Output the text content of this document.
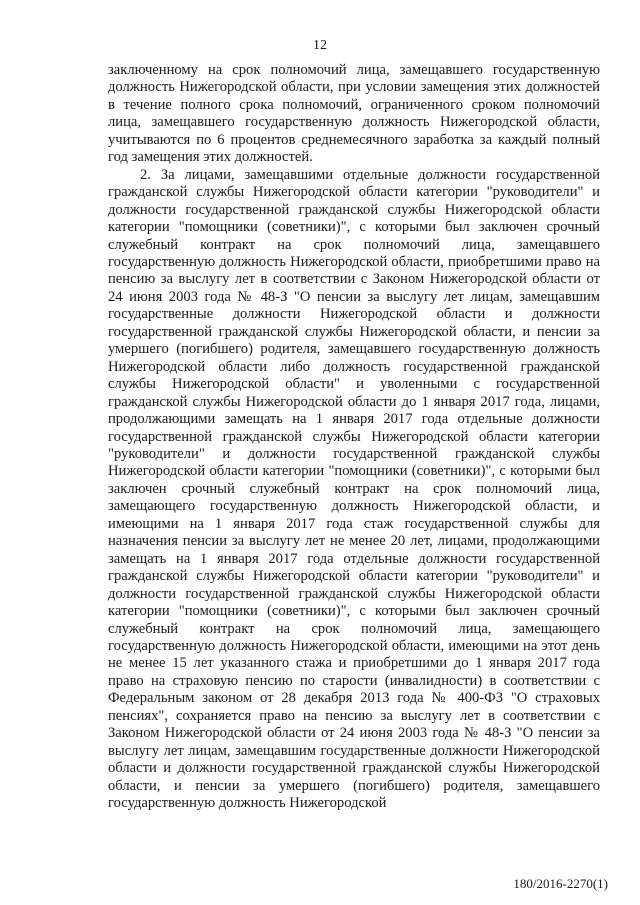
12

заключенному на срок полномочий лица, замещавшего государственную должность Нижегородской области, при условии замещения этих должностей в течение полного срока полномочий, ограниченного сроком полномочий лица, замещавшего государственную должность Нижегородской области, учитываются по 6 процентов среднемесячного заработка за каждый полный год замещения этих должностей.

2. За лицами, замещавшими отдельные должности государственной гражданской службы Нижегородской области категории "руководители" и должности государственной гражданской службы Нижегородской области категории "помощники (советники)", с которыми был заключен срочный служебный контракт на срок полномочий лица, замещавшего государственную должность Нижегородской области, приобретшими право на пенсию за выслугу лет в соответствии с Законом Нижегородской области от 24 июня 2003 года № 48-З "О пенсии за выслугу лет лицам, замещавшим государственные должности Нижегородской области и должности государственной гражданской службы Нижегородской области, и пенсии за умершего (погибшего) родителя, замещавшего государственную должность Нижегородской области либо должность государственной гражданской службы Нижегородской области" и уволенными с государственной гражданской службы Нижегородской области до 1 января 2017 года, лицами, продолжающими замещать на 1 января 2017 года отдельные должности государственной гражданской службы Нижегородской области категории "руководители" и должности государственной гражданской службы Нижегородской области категории "помощники (советники)", с которыми был заключен срочный служебный контракт на срок полномочий лица, замещающего государственную должность Нижегородской области, и имеющими на 1 января 2017 года стаж государственной службы для назначения пенсии за выслугу лет не менее 20 лет, лицами, продолжающими замещать на 1 января 2017 года отдельные должности государственной гражданской службы Нижегородской области категории "руководители" и должности государственной гражданской службы Нижегородской области категории "помощники (советники)", с которыми был заключен срочный служебный контракт на срок полномочий лица, замещающего государственную должность Нижегородской области, имеющими на этот день не менее 15 лет указанного стажа и приобретшими до 1 января 2017 года право на страховую пенсию по старости (инвалидности) в соответствии с Федеральным законом от 28 декабря 2013 года № 400-ФЗ "О страховых пенсиях", сохраняется право на пенсию за выслугу лет в соответствии с Законом Нижегородской области от 24 июня 2003 года № 48-З "О пенсии за выслугу лет лицам, замещавшим государственные должности Нижегородской области и должности государственной гражданской службы Нижегородской области, и пенсии за умершего (погибшего) родителя, замещавшего государственную должность Нижегородской

180/2016-2270(1)
